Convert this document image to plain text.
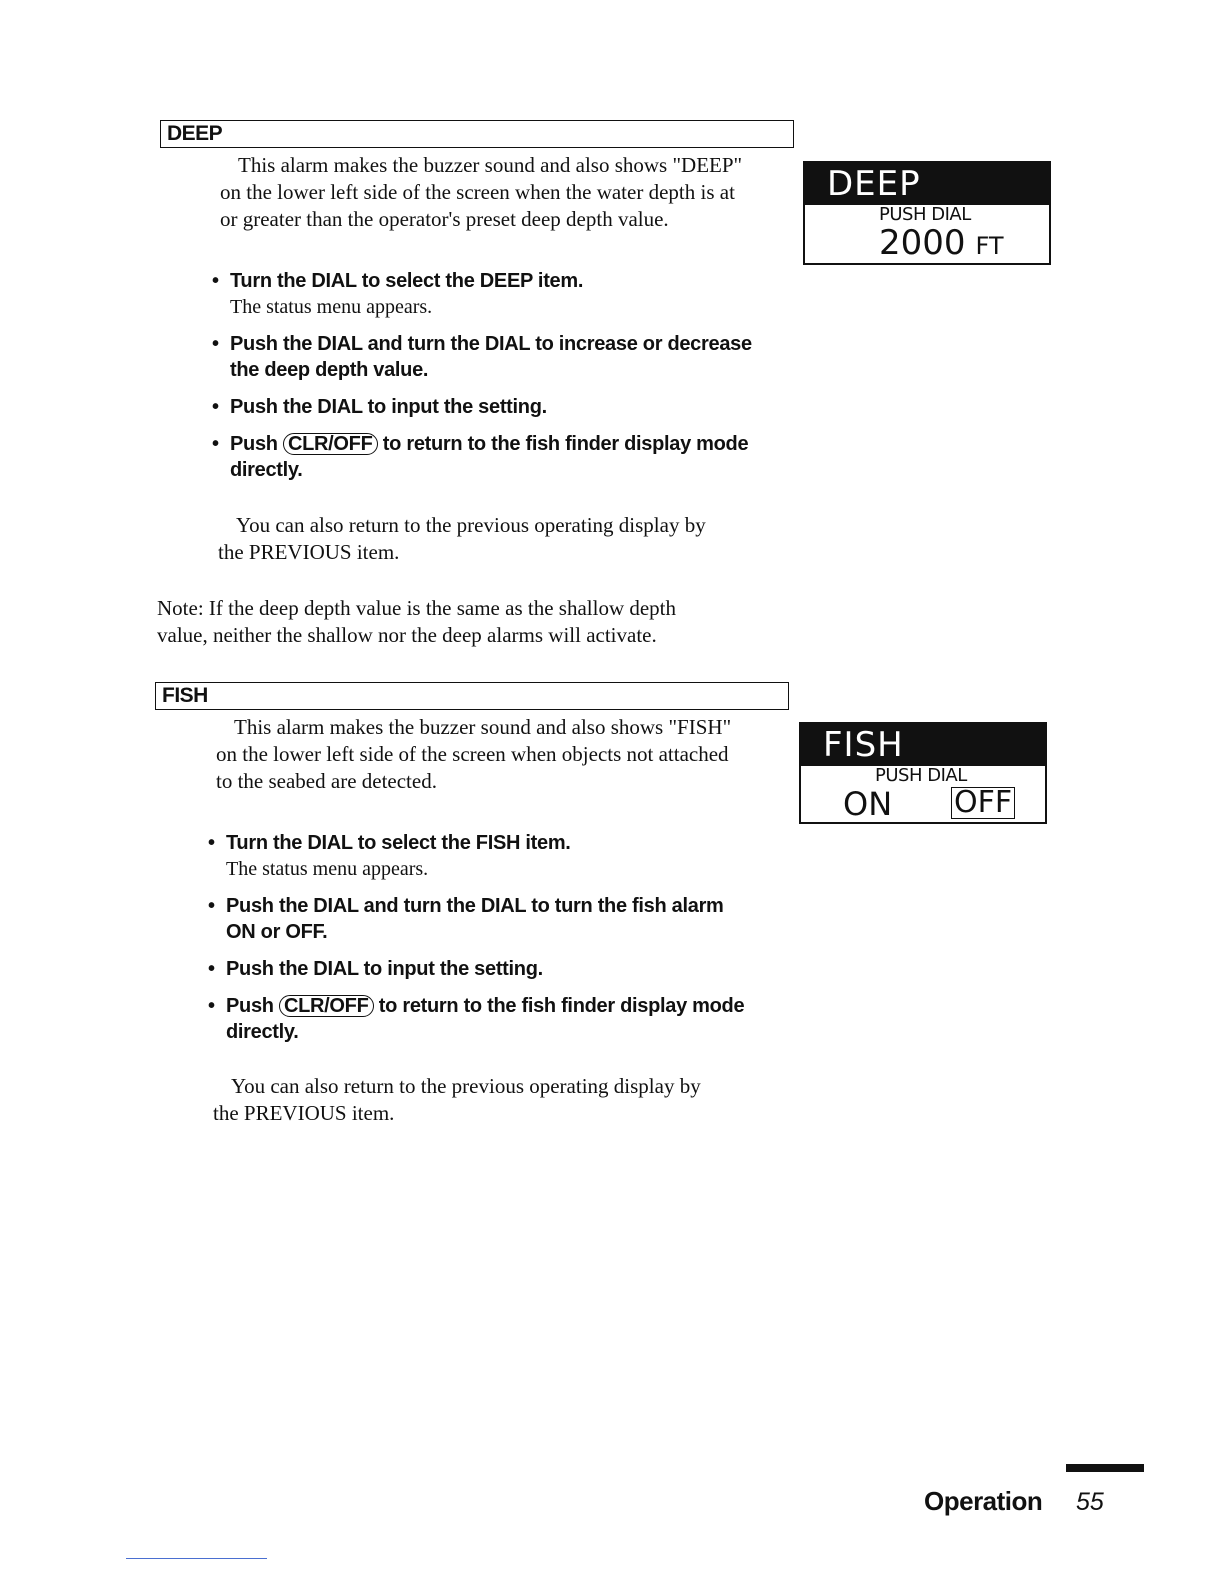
DEEP
This alarm makes the buzzer sound and also shows "DEEP"
on the lower left side of the screen when the water depth is at
or greater than the operator's preset deep depth value.
DEEP
PUSH DIAL
2000 FT
• Turn the DIAL to select the DEEP item.
The status menu appears.
• Push the DIAL and turn the DIAL to increase or decrease
the deep depth value.
• Push the DIAL to input the setting.
• Push CLR/OFF to return to the fish finder display mode
directly.
You can also return to the previous operating display by
the PREVIOUS item.
Note: If the deep depth value is the same as the shallow depth
value, neither the shallow nor the deep alarms will activate.
FISH
This alarm makes the buzzer sound and also shows "FISH"
on the lower left side of the screen when objects not attached
to the seabed are detected.
FISH
PUSH DIAL
ON OFF
• Turn the DIAL to select the FISH item.
The status menu appears.
• Push the DIAL and turn the DIAL to turn the fish alarm
ON or OFF.
• Push the DIAL to input the setting.
• Push CLR/OFF to return to the fish finder display mode
directly.
You can also return to the previous operating display by
the PREVIOUS item.
Operation 55
